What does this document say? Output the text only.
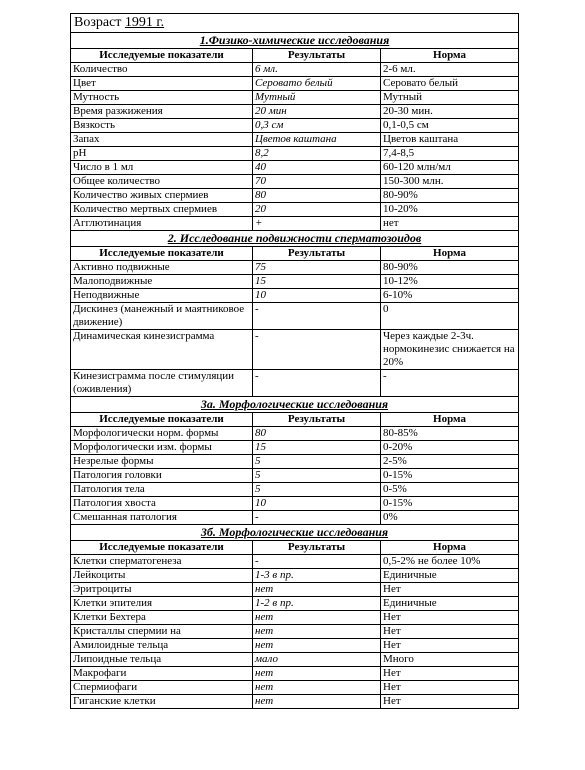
Возраст 1991 г.		
1.Физико-химические исследования		
Исследуемые показатели	Результаты	Норма
Количество	6 мл.	2-6 мл.
Цвет	Серовато белый	Серовато белый
Мутность	Мутный	Мутный
Время разжижения	20 мин	20-30 мин.
Вязкость	0,3 см	0,1-0,5 см
Запах	Цветов каштана	Цветов каштана
pH	8,2	7,4-8,5
Число в 1 мл	40	60-120 млн/мл
Общее количество	70	150-300 млн.
Количество живых спермиев	80	80-90%
Количество мертвых спермиев	20	10-20%
Агглютинация	+	нет
2. Исследование подвижности сперматозоидов		
Исследуемые показатели	Результаты	Норма
Активно подвижные	75	80-90%
Малоподвижные	15	10-12%
Неподвижные	10	6-10%
Дискинез (манежный и маятниковое движение)	-	0
Динамическая кинезисграмма	-	Через каждые 2-3ч. нормокинезис снижается на 20%
Кинезисграмма после стимуляции (оживления)	-	-
3а. Морфологические исследования		
Исследуемые показатели	Результаты	Норма
Морфологически норм. формы	80	80-85%
Морфологически изм. формы	15	0-20%
Незрелые формы	5	2-5%
Патология головки	5	0-15%
Патология тела	5	0-5%
Патология хвоста	10	0-15%
Смешанная патология	-	0%
3б. Морфологические исследования		
Исследуемые показатели	Результаты	Норма
Клетки сперматогенеза	-	0,5-2% не более 10%
Лейкоциты	1-3 в пр.	Единичные
Эритроциты	нет	Нет
Клетки эпителия	1-2 в пр.	Единичные
Клетки Бехтера	нет	Нет
Кристаллы спермии на	нет	Нет
Амилоидные тельца	нет	Нет
Липоидные тельца	мало	Много
Макрофаги	нет	Нет
Спермиофаги	нет	Нет
Гиганские клетки	нет	Нет
